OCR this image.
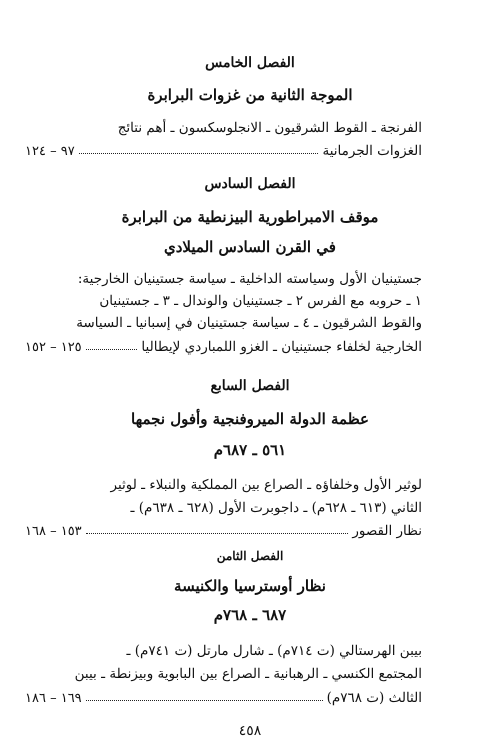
الفصل الخامس
الموجة الثانية من غزوات البرابرة
الفرنجة ـ القوط الشرقيون ـ الانجلوسكسون ـ أهم نتائج
الغزوات الجرمانية
٩٧ – ١٢٤
الفصل السادس
موقف الامبراطورية البيزنطية من البرابرة
في القرن السادس الميلادي
جستينيان الأول وسياسته الداخلية ـ سياسة جستينيان الخارجية:
١ ـ حروبه مع الفرس ٢ ـ جستينيان والوندال ـ ٣ ـ جستينيان
والقوط الشرقيون ـ ٤ ـ سياسة جستينيان في إسبانيا ـ السياسة
الخارجية لخلفاء جستينيان ـ الغزو اللمباردي لإيطاليا
١٢٥ – ١٥٢
الفصل السابع
عظمة الدولة الميروفنجية وأفول نجمها
٥٦١ ـ ٦٨٧م
لوثير الأول وخلفاؤه ـ الصراع بين المملكية والنبلاء ـ لوثير
الثاني (٦١٣ ـ ٦٢٨م) ـ داجوبرت الأول (٦٢٨ ـ ٦٣٨م) ـ
نظار القصور
١٥٣ – ١٦٨
الفصل الثامن
نظار أوسترسيا والكنيسة
٦٨٧ ـ ٧٦٨م
بيبن الهرستالي (ت ٧١٤م) ـ شارل مارتل (ت ٧٤١م) ـ
المجتمع الكنسي ـ الرهبانية ـ الصراع بين البابوية وبيزنطة ـ بيبن
الثالث (ت ٧٦٨م)
١٦٩ – ١٨٦
٤٥٨
